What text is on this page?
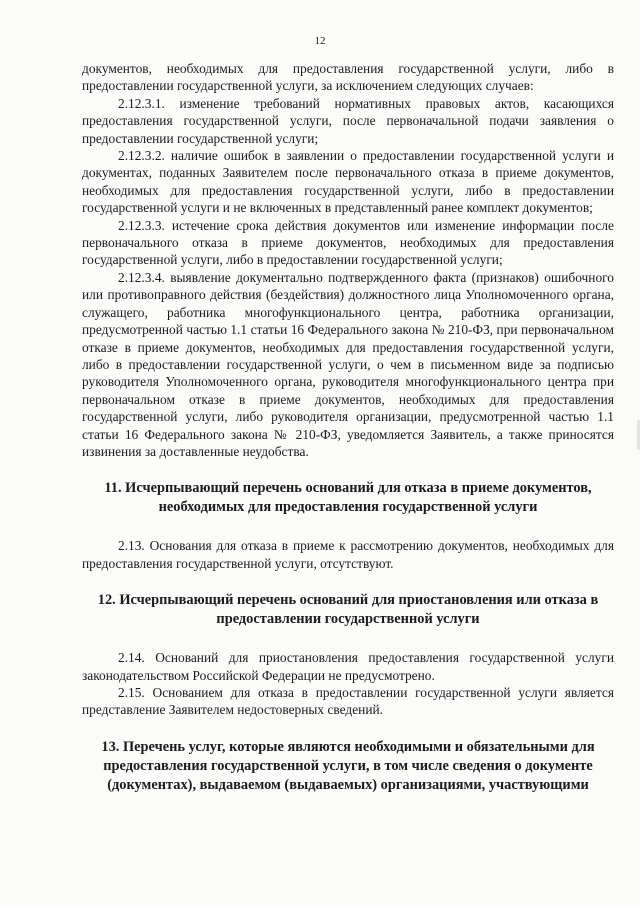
12

документов, необходимых для предоставления государственной услуги, либо в предоставлении государственной услуги, за исключением следующих случаев:

2.12.3.1. изменение требований нормативных правовых актов, касающихся предоставления государственной услуги, после первоначальной подачи заявления о предоставлении государственной услуги;

2.12.3.2. наличие ошибок в заявлении о предоставлении государственной услуги и документах, поданных Заявителем после первоначального отказа в приеме документов, необходимых для предоставления государственной услуги, либо в предоставлении государственной услуги и не включенных в представленный ранее комплект документов;

2.12.3.3. истечение срока действия документов или изменение информации после первоначального отказа в приеме документов, необходимых для предоставления государственной услуги, либо в предоставлении государственной услуги;

2.12.3.4. выявление документально подтвержденного факта (признаков) ошибочного или противоправного действия (бездействия) должностного лица Уполномоченного органа, служащего, работника многофункционального центра, работника организации, предусмотренной частью 1.1 статьи 16 Федерального закона № 210-ФЗ, при первоначальном отказе в приеме документов, необходимых для предоставления государственной услуги, либо в предоставлении государственной услуги, о чем в письменном виде за подписью руководителя Уполномоченного органа, руководителя многофункционального центра при первоначальном отказе в приеме документов, необходимых для предоставления государственной услуги, либо руководителя организации, предусмотренной частью 1.1 статьи 16 Федерального закона № 210-ФЗ, уведомляется Заявитель, а также приносятся извинения за доставленные неудобства.

11. Исчерпывающий перечень оснований для отказа в приеме документов, необходимых для предоставления государственной услуги

2.13. Основания для отказа в приеме к рассмотрению документов, необходимых для предоставления государственной услуги, отсутствуют.

12. Исчерпывающий перечень оснований для приостановления или отказа в предоставлении государственной услуги

2.14. Оснований для приостановления предоставления государственной услуги законодательством Российской Федерации не предусмотрено.

2.15. Основанием для отказа в предоставлении государственной услуги является представление Заявителем недостоверных сведений.

13. Перечень услуг, которые являются необходимыми и обязательными для предоставления государственной услуги, в том числе сведения о документе (документах), выдаваемом (выдаваемых) организациями, участвующими
